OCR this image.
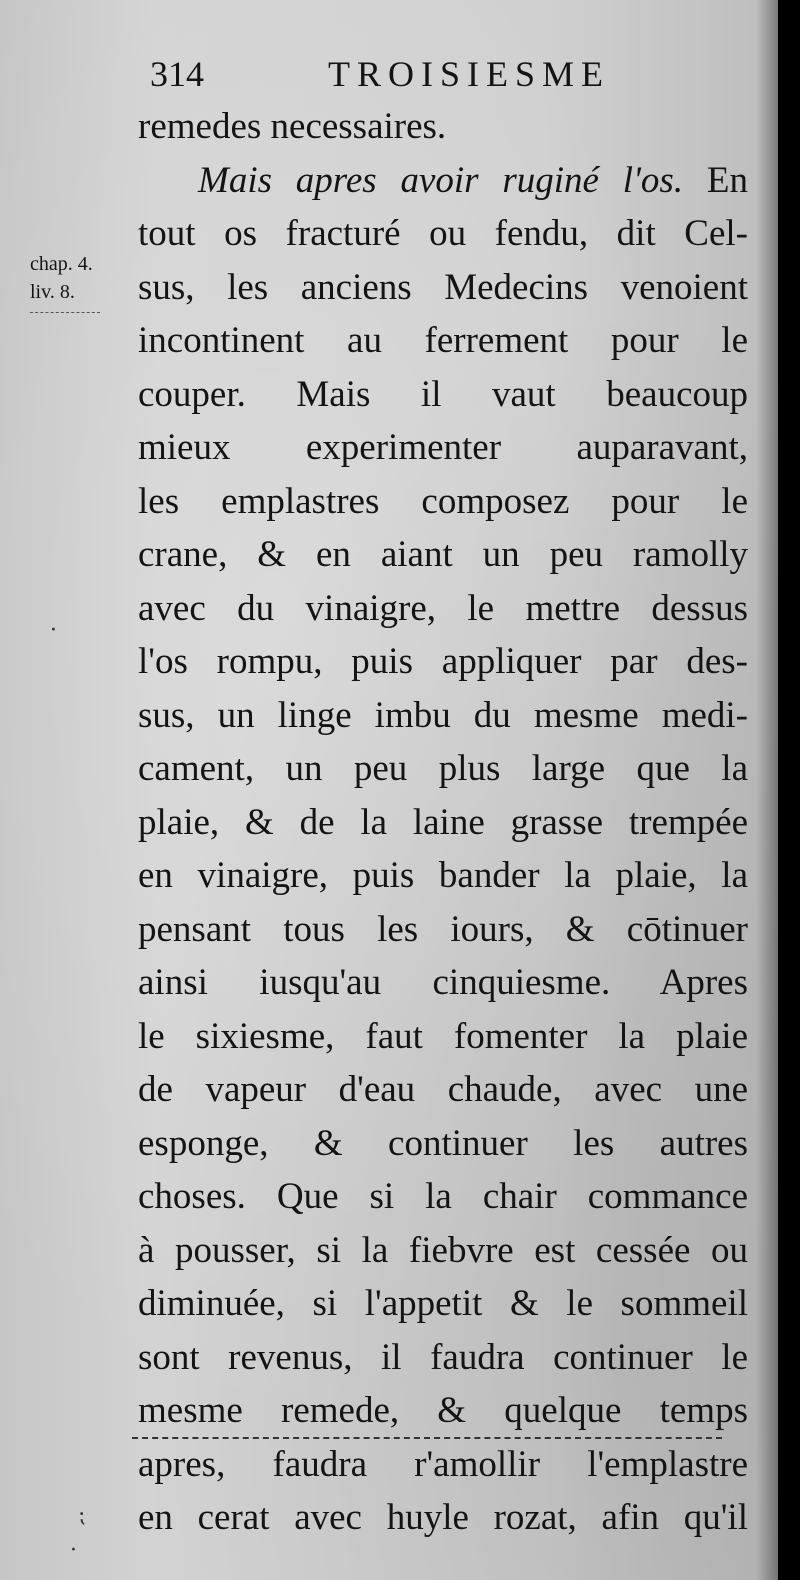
314	TROISIESME
chap. 4.
liv. 8.
remedes necessaires.
Mais apres avoir ruginé l'os. En
tout os fracturé ou fendu, dit Cel-
sus, les anciens Medecins venoient
incontinent au ferrement pour le
couper. Mais il vaut beaucoup
mieux experimenter auparavant,
les emplastres composez pour le
crane, & en aiant un peu ramolly
avec du vinaigre, le mettre dessus
l'os rompu, puis appliquer par des-
sus, un linge imbu du mesme medi-
cament, un peu plus large que la
plaie, & de la laine grasse trempée
en vinaigre, puis bander la plaie, la
pensant tous les iours, & cōtinuer
ainsi iusqu'au cinquiesme. Apres
le sixiesme, faut fomenter la plaie
de vapeur d'eau chaude, avec une
esponge, & continuer les autres
choses. Que si la chair commance
à pousser, si la fiebvre est cessée ou
diminuée, si l'appetit & le sommeil
sont revenus, il faudra continuer le
mesme remede, & quelque temps
apres, faudra r'amollir l'emplastre
en cerat avec huyle rozat, afin qu'il
⁏
·
·
